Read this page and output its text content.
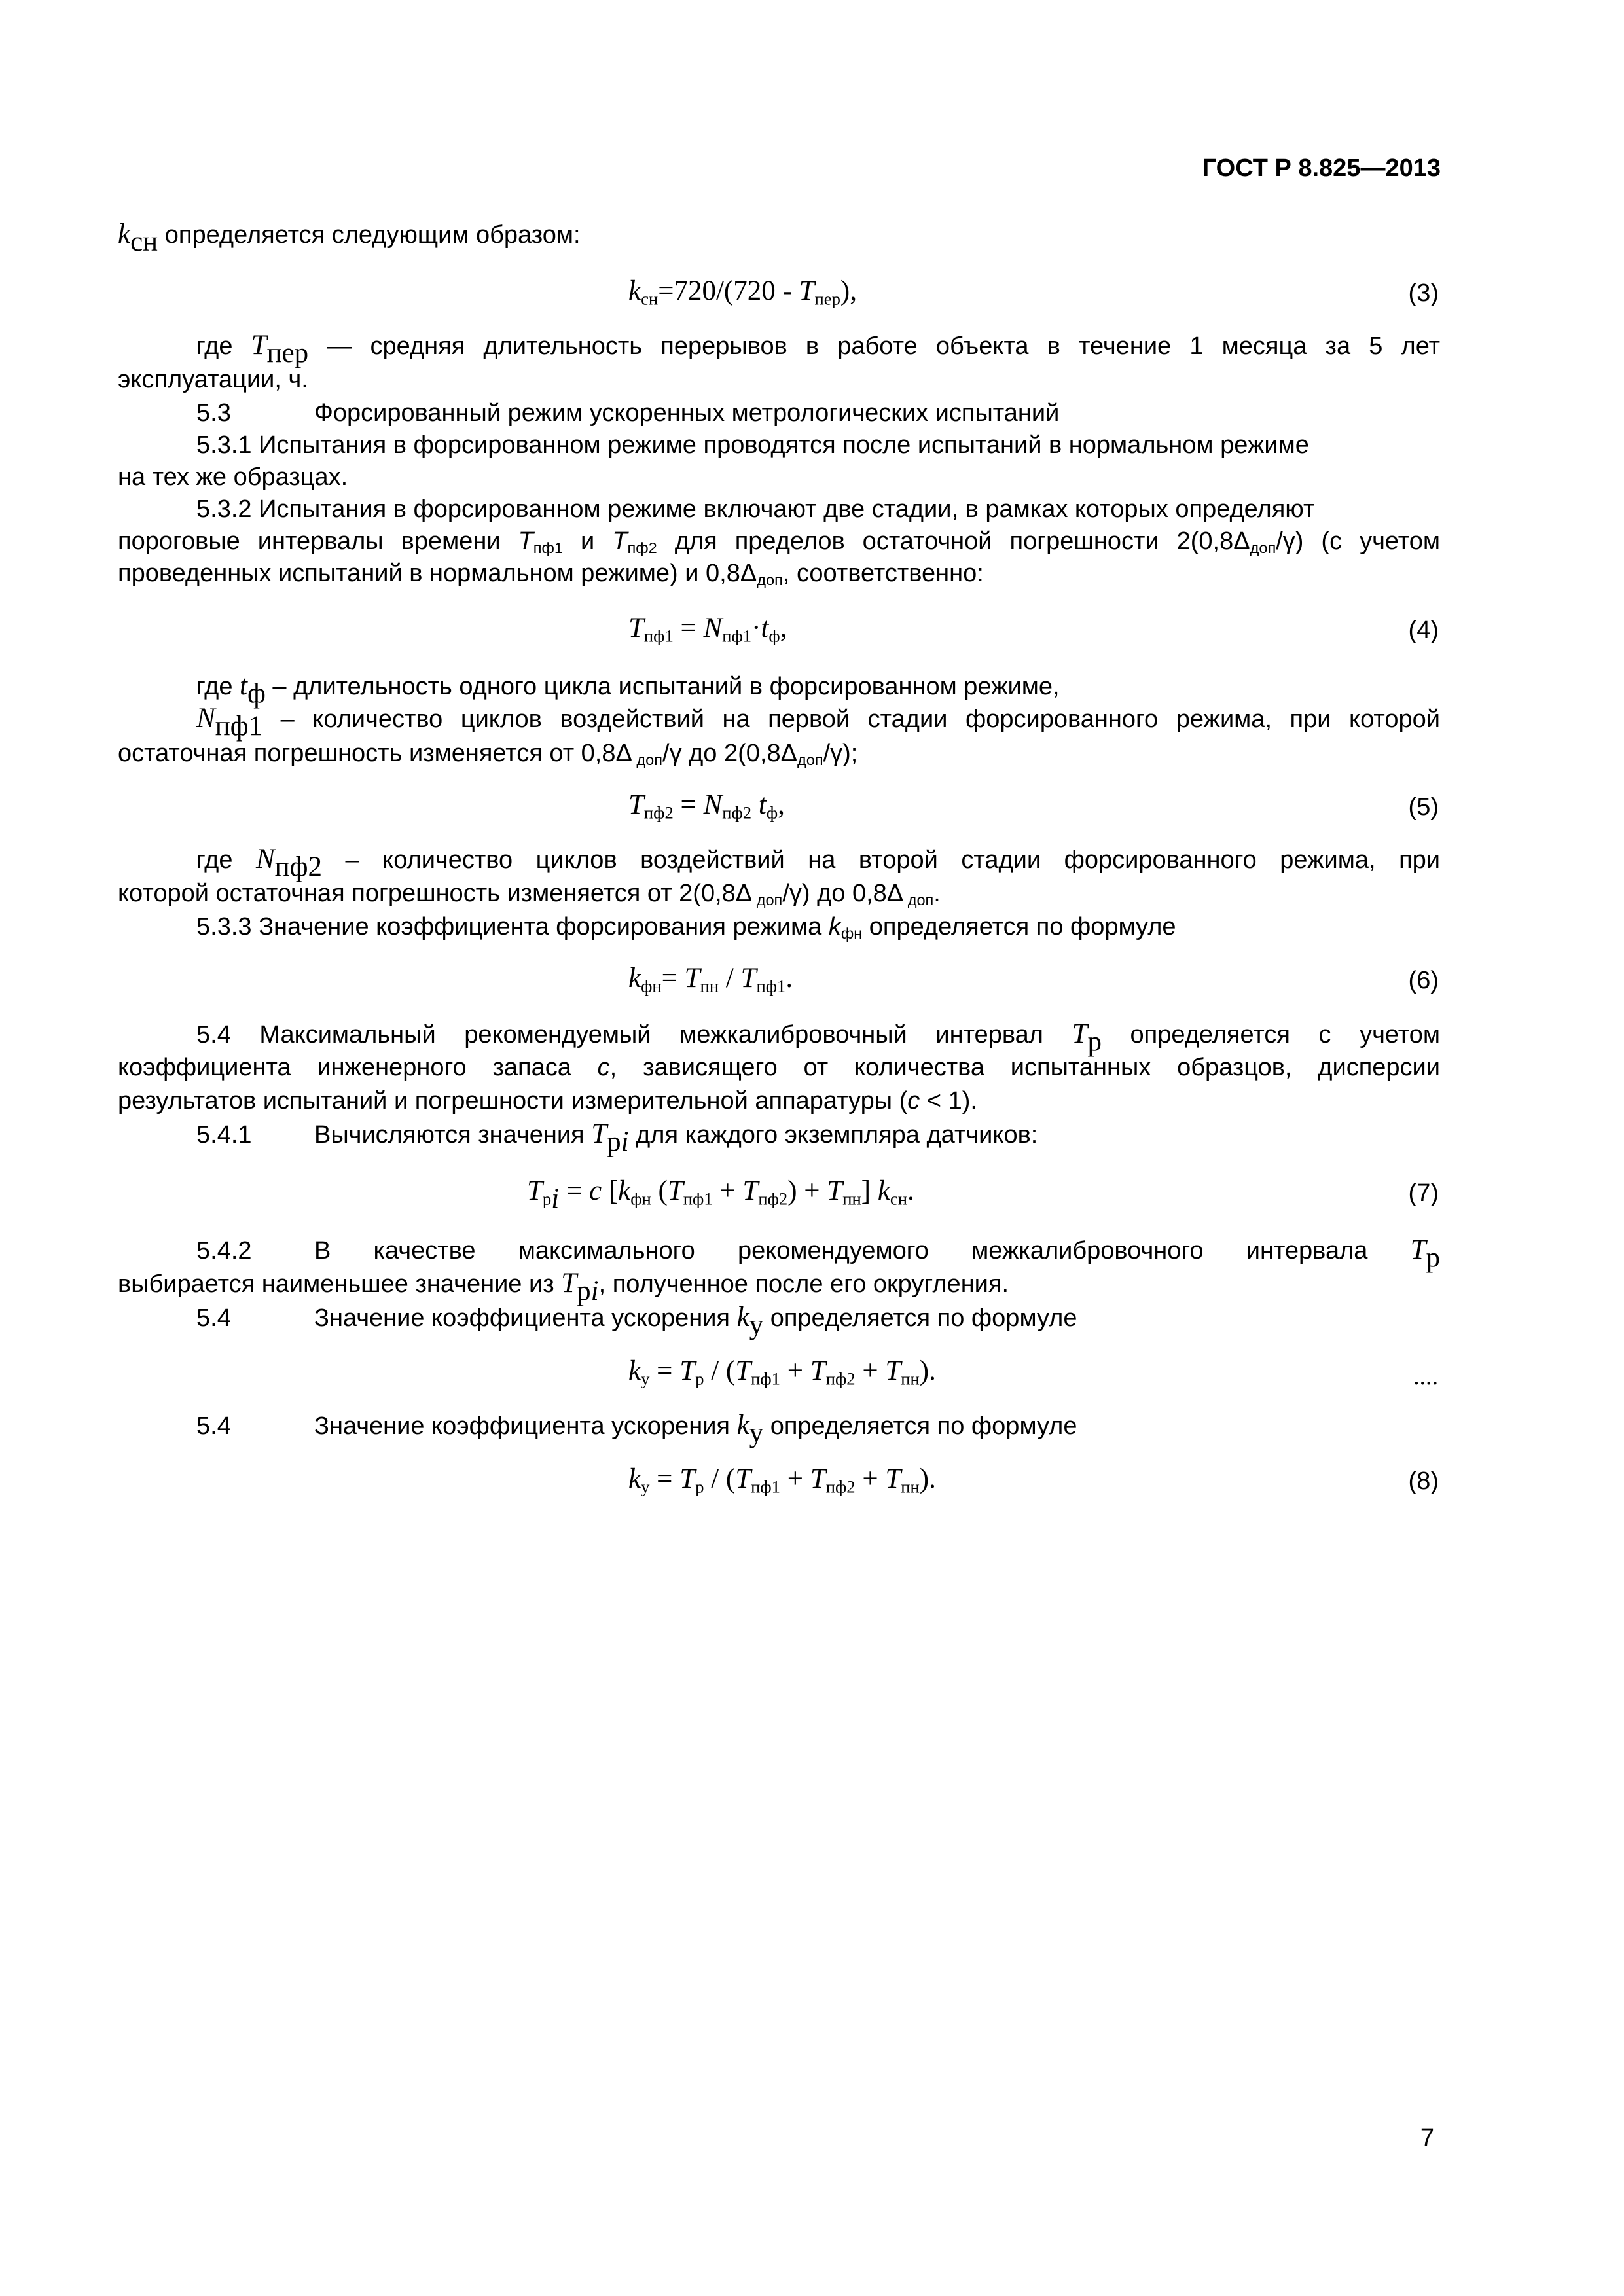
ГОСТ Р 8.825—2013
$k_{сн}$ определяется следующим образом:
$k_{сн}=720/(720 - T_{пер})$,	(3)
где $T_{пер}$ — средняя длительность перерывов в работе объекта в течение 1 месяца за 5 лет
эксплуатации, ч.
5.3	Форсированный режим ускоренных метрологических испытаний
5.3.1 Испытания в форсированном режиме проводятся после испытаний в нормальном режиме
на тех же образцах.
5.3.2 Испытания в форсированном режиме включают две стадии, в рамках которых определяют
пороговые интервалы времени $T_{пф1}$ и $T_{пф2}$ для пределов остаточной погрешности $2(0,8\Delta_{доп}/\gamma)$ (с учетом
проведенных испытаний в нормальном режиме) и $0,8\Delta_{доп}$, соответственно:
$T_{пф1} = N_{пф1}\cdot t_ф$,	(4)
где $t_ф$ – длительность одного цикла испытаний в форсированном режиме,
$N_{пф1}$ – количество циклов воздействий на первой стадии форсированного режима, при которой
остаточная погрешность изменяется от 0,8Δ $_{доп}$/γ до $2(0,8\Delta_{доп}/\gamma)$;
$T_{пф2} = N_{пф2}$ $t_ф$,	(5)
где $N_{пф2}$ – количество циклов воздействий на второй стадии форсированного режима, при
которой остаточная погрешность изменяется от 2(0,8Δ $_{доп}$/γ) до 0,8Δ $_{доп}$.
5.3.3 Значение коэффициента форсирования режима $k_{фн}$ определяется по формуле
$k_{фн}= T_{пн} / T_{пф1}$.	(6)
5.4 Максимальный рекомендуемый межкалибровочный интервал $T_р$ определяется с учетом
коэффициента инженерного запаса c, зависящего от количества испытанных образцов, дисперсии
результатов испытаний и погрешности измерительной аппаратуры (c < 1).
5.4.1	Вычисляются значения $T_{рi}$ для каждого экземпляра датчиков:
$T_{рi} = c$ [$k_{фн}$ $(T_{пф1} + T_{пф2}) + T_{пн}$] $k_{сн}$.	(7)
5.4.2	В качестве максимального рекомендуемого межкалибровочного интервала $T_р$
выбирается наименьшее значение из $T_{рi}$, полученное после его округления.
5.4	Значение коэффициента ускорения $k_у$ определяется по формуле
$k_у = T_р / (T_{пф1} + T_{пф2} + T_{пн})$.	....
5.4	Значение коэффициента ускорения $k_у$ определяется по формуле
$k_у = T_р / (T_{пф1} + T_{пф2} + T_{пн})$.	(8)
7
